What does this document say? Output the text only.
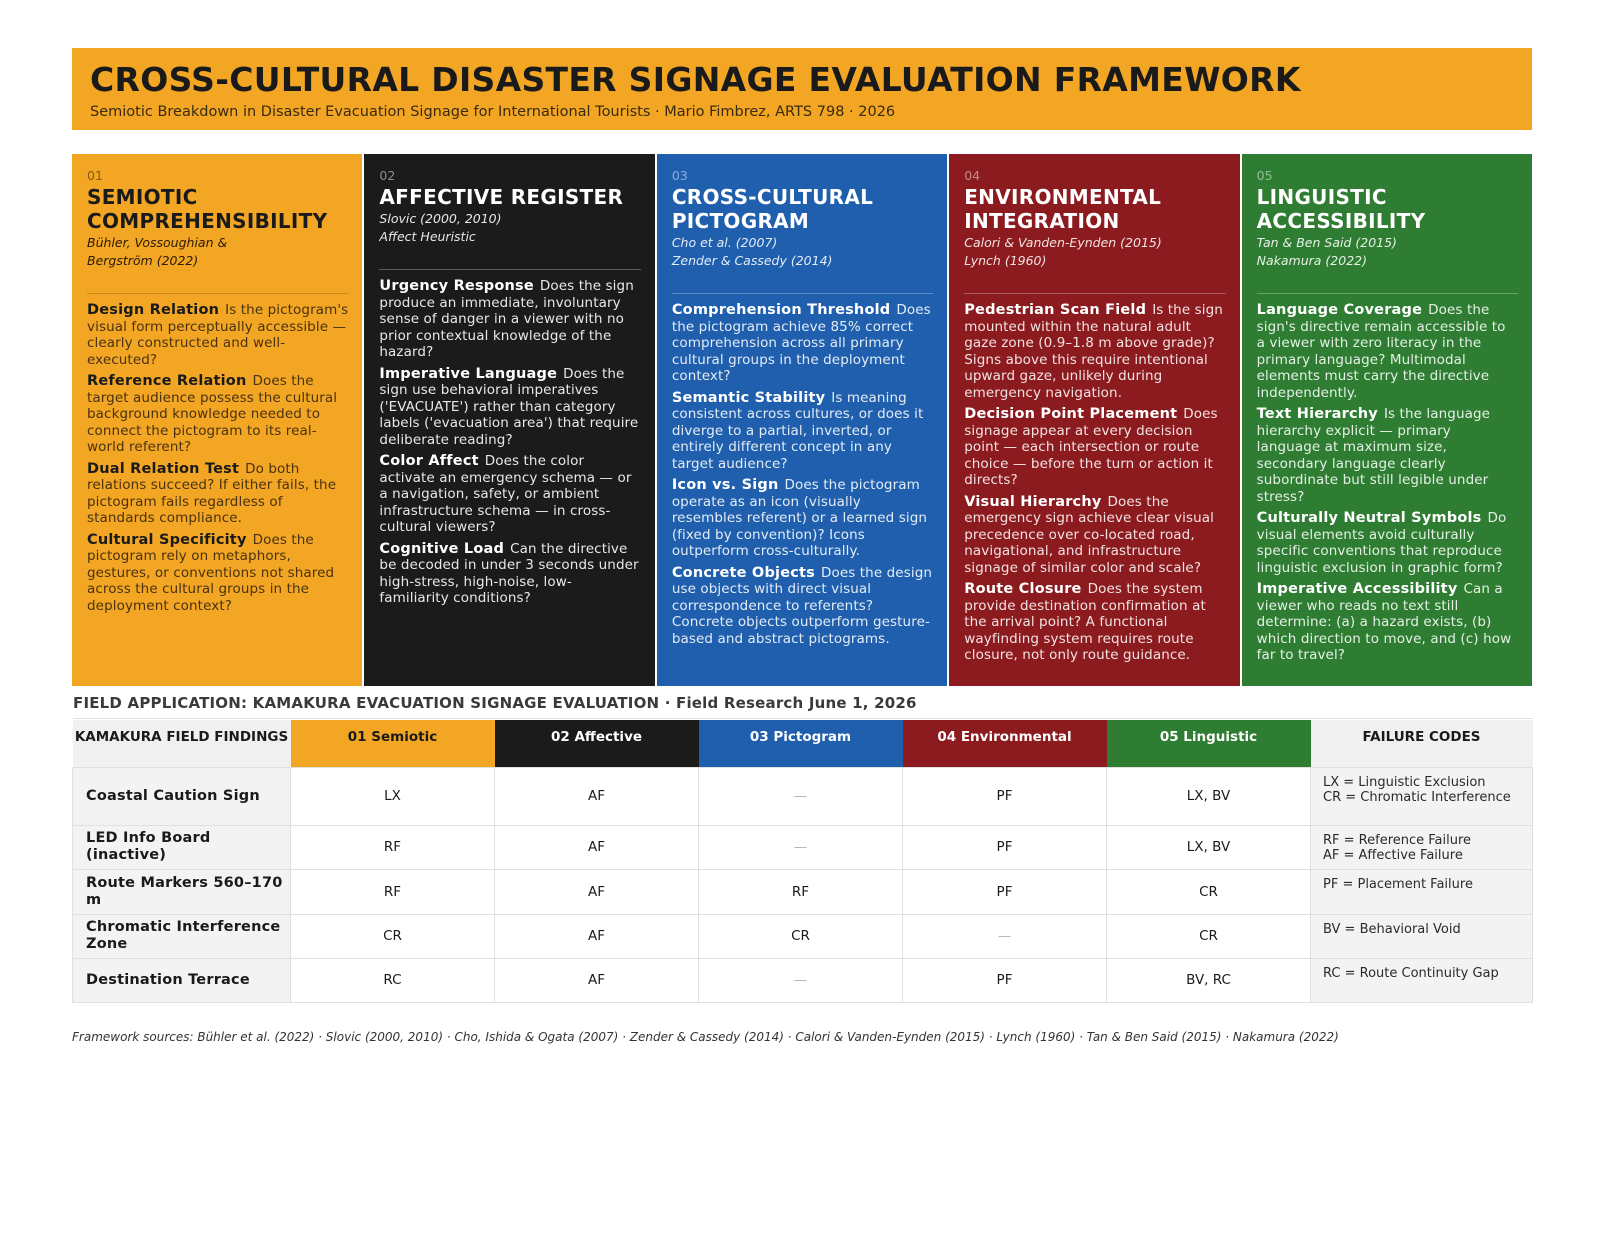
CROSS-CULTURAL DISASTER SIGNAGE EVALUATION FRAMEWORK
Semiotic Breakdown in Disaster Evacuation Signage for International Tourists · Mario Fimbrez, ARTS 798 · 2026
01
SEMIOTIC COMPREHENSIBILITY
Bühler, Vossoughian &
Bergström (2022)
Design Relation Is the pictogram's visual form perceptually accessible — clearly constructed and well-executed?
Reference Relation Does the target audience possess the cultural background knowledge needed to connect the pictogram to its real-world referent?
Dual Relation Test Do both relations succeed? If either fails, the pictogram fails regardless of standards compliance.
Cultural Specificity Does the pictogram rely on metaphors, gestures, or conventions not shared across the cultural groups in the deployment context?
02
AFFECTIVE REGISTER
Slovic (2000, 2010)
Affect Heuristic
Urgency Response Does the sign produce an immediate, involuntary sense of danger in a viewer with no prior contextual knowledge of the hazard?
Imperative Language Does the sign use behavioral imperatives ('EVACUATE') rather than category labels ('evacuation area') that require deliberate reading?
Color Affect Does the color activate an emergency schema — or a navigation, safety, or ambient infrastructure schema — in cross-cultural viewers?
Cognitive Load Can the directive be decoded in under 3 seconds under high-stress, high-noise, low-familiarity conditions?
03
CROSS-CULTURAL PICTOGRAM
Cho et al. (2007)
Zender & Cassedy (2014)
Comprehension Threshold Does the pictogram achieve 85% correct comprehension across all primary cultural groups in the deployment context?
Semantic Stability Is meaning consistent across cultures, or does it diverge to a partial, inverted, or entirely different concept in any target audience?
Icon vs. Sign Does the pictogram operate as an icon (visually resembles referent) or a learned sign (fixed by convention)? Icons outperform cross-culturally.
Concrete Objects Does the design use objects with direct visual correspondence to referents? Concrete objects outperform gesture-based and abstract pictograms.
04
ENVIRONMENTAL INTEGRATION
Calori & Vanden-Eynden (2015)
Lynch (1960)
Pedestrian Scan Field Is the sign mounted within the natural adult gaze zone (0.9–1.8 m above grade)? Signs above this require intentional upward gaze, unlikely during emergency navigation.
Decision Point Placement Does signage appear at every decision point — each intersection or route choice — before the turn or action it directs?
Visual Hierarchy Does the emergency sign achieve clear visual precedence over co-located road, navigational, and infrastructure signage of similar color and scale?
Route Closure Does the system provide destination confirmation at the arrival point? A functional wayfinding system requires route closure, not only route guidance.
05
LINGUISTIC ACCESSIBILITY
Tan & Ben Said (2015)
Nakamura (2022)
Language Coverage Does the sign's directive remain accessible to a viewer with zero literacy in the primary language? Multimodal elements must carry the directive independently.
Text Hierarchy Is the language hierarchy explicit — primary language at maximum size, secondary language clearly subordinate but still legible under stress?
Culturally Neutral Symbols Do visual elements avoid culturally specific conventions that reproduce linguistic exclusion in graphic form?
Imperative Accessibility Can a viewer who reads no text still determine: (a) a hazard exists, (b) which direction to move, and (c) how far to travel?
FIELD APPLICATION: KAMAKURA EVACUATION SIGNAGE EVALUATION · Field Research June 1, 2026
KAMAKURA FIELD FINDINGS	01 Semiotic	02 Affective	03 Pictogram	04 Environmental	05 Linguistic	FAILURE CODES
Coastal Caution Sign	LX	AF	—	PF	LX, BV	LX = Linguistic Exclusion
CR = Chromatic Interference

LED Info Board (inactive)	RF	AF	—	PF	LX, BV	RF = Reference Failure
AF = Affective Failure

Route Markers 560–170 m	RF	AF	RF	PF	CR	PF = Placement Failure

Chromatic Interference Zone	CR	AF	CR	—	CR	BV = Behavioral Void

Destination Terrace	RC	AF	—	PF	BV, RC	RC = Route Continuity Gap
Framework sources: Bühler et al. (2022) · Slovic (2000, 2010) · Cho, Ishida & Ogata (2007) · Zender & Cassedy (2014) · Calori & Vanden-Eynden (2015) · Lynch (1960) · Tan & Ben Said (2015) · Nakamura (2022)
